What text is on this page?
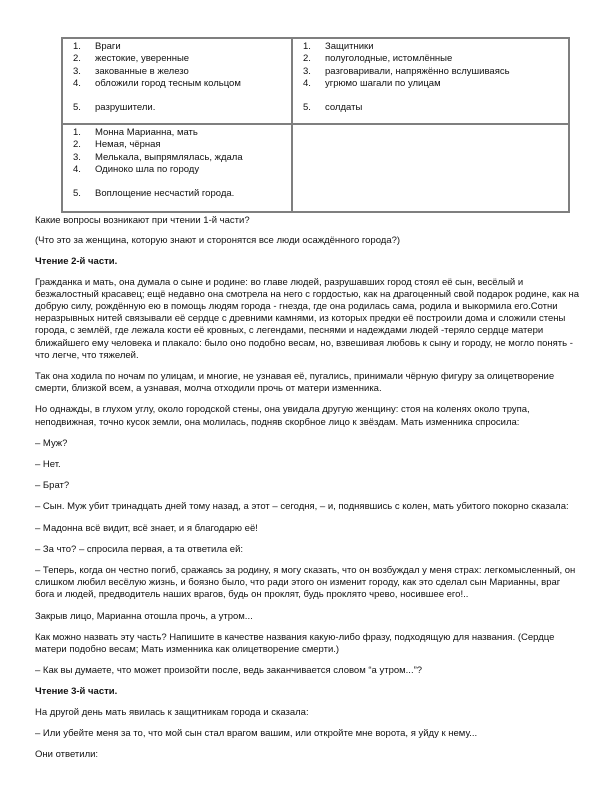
1. Враги
2. жестокие, уверенные
3. закованные в железо
4. обложили город тесным кольцом
5. разрушители.	1. Защитники
2. полуголодные, истомлённые
3. разговаривали, напряжённо вслушиваясь
4. угрюмо шагали по улицам
5. солдаты

1. Монна Марианна, мать
2. Немая, чёрная
3. Мелькала, выпрямлялась, ждала
4. Одиноко шла по городу
5. Воплощение несчастий города.	

Какие вопросы возникают при чтении 1-й части?

(Что это за женщина, которую знают и сторонятся все люди осаждённого города?)

Чтение 2-й части.

Гражданка и мать, она думала о сыне и родине: во главе людей, разрушавших город стоял её сын, весёлый и безжалостный красавец; ещё недавно она смотрела на него с гордостью, как на драгоценный свой подарок родине, как на добрую силу, рождённую ею в помощь людям города - гнезда, где она родилась сама, родила и выкормила его.Сотни неразрывных нитей связывали её сердце с древними камнями, из которых предки её построили дома и сложили стены города, с землёй, где лежала кости её кровных, с легендами, песнями и надеждами людей -теряло сердце матери ближайшего ему человека и плакало: было оно подобно весам, но, взвешивая любовь к сыну и городу, не могло понять - что легче, что тяжелей.

Так она ходила по ночам по улицам, и многие, не узнавая её, пугались, принимали чёрную фигуру за олицетворение смерти, близкой всем, а узнавая, молча отходили прочь от матери изменника.

Но однажды, в глухом углу, около городской стены, она увидала другую женщину: стоя на коленях около трупа, неподвижная, точно кусок земли, она молилась, подняв скорбное лицо к звёздам. Мать изменника спросила:

– Муж?

– Нет.

– Брат?

– Сын. Муж убит тринадцать дней тому назад, а этот – сегодня, – и, поднявшись с колен, мать убитого покорно сказала:

– Мадонна всё видит, всё знает, и я благодарю её!

– За что? – спросила первая, а та ответила ей:

– Теперь, когда он честно погиб, сражаясь за родину, я могу сказать, что он возбуждал у меня страх: легкомысленный, он слишком любил весёлую жизнь, и боязно было, что ради этого он изменит городу, как это сделал сын Марианны, враг бога и людей, предводитель наших врагов, будь он проклят, будь проклято чрево, носившее его!..

Закрыв лицо, Марианна отошла прочь, а утром...

Как можно назвать эту часть? Напишите в качестве названия какую-либо фразу, подходящую для названия. (Сердце матери подобно весам; Мать изменника как олицетворение смерти.)

– Как вы думаете, что может произойти после, ведь заканчивается словом “а утром...”?

Чтение 3-й части.

На другой день мать явилась к защитникам города и сказала:

– Или убейте меня за то, что мой сын стал врагом вашим, или откройте мне ворота, я уйду к нему...

Они ответили:
